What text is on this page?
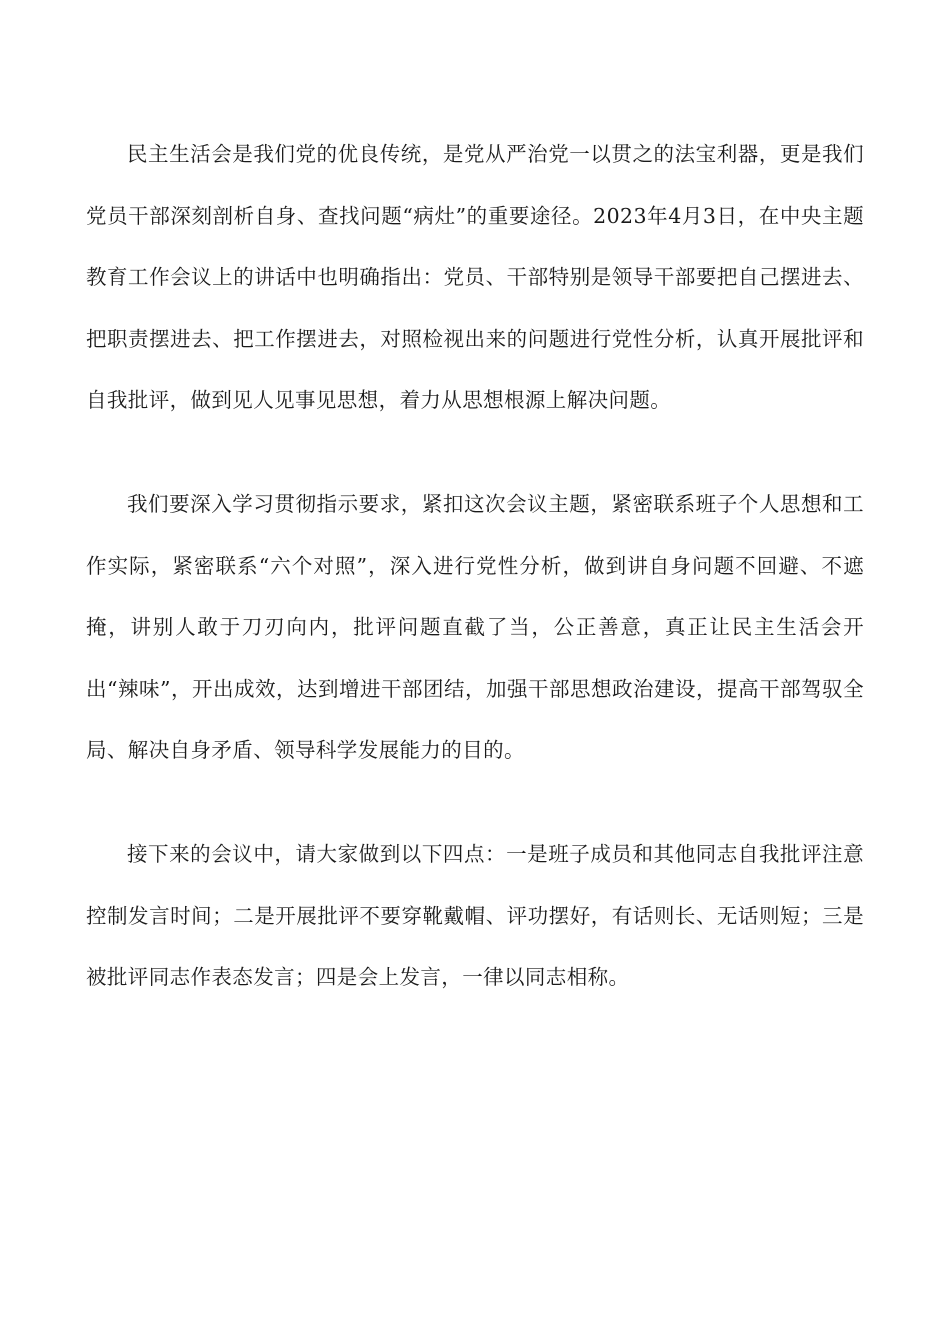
民主生活会是我们党的优良传统，是党从严治党一以贯之的法宝利器，更是我们党员干部深刻剖析自身、查找问题“病灶”的重要途径。2023年4月3日，在中央主题教育工作会议上的讲话中也明确指出：党员、干部特别是领导干部要把自己摆进去、把职责摆进去、把工作摆进去，对照检视出来的问题进行党性分析，认真开展批评和自我批评，做到见人见事见思想，着力从思想根源上解决问题。

我们要深入学习贯彻指示要求，紧扣这次会议主题，紧密联系班子个人思想和工作实际，紧密联系“六个对照”，深入进行党性分析，做到讲自身问题不回避、不遮掩，讲别人敢于刀刃向内，批评问题直截了当，公正善意，真正让民主生活会开出“辣味”，开出成效，达到增进干部团结，加强干部思想政治建设，提高干部驾驭全局、解决自身矛盾、领导科学发展能力的目的。

接下来的会议中，请大家做到以下四点：一是班子成员和其他同志自我批评注意控制发言时间；二是开展批评不要穿靴戴帽、评功摆好，有话则长、无话则短；三是被批评同志作表态发言；四是会上发言，一律以同志相称。
